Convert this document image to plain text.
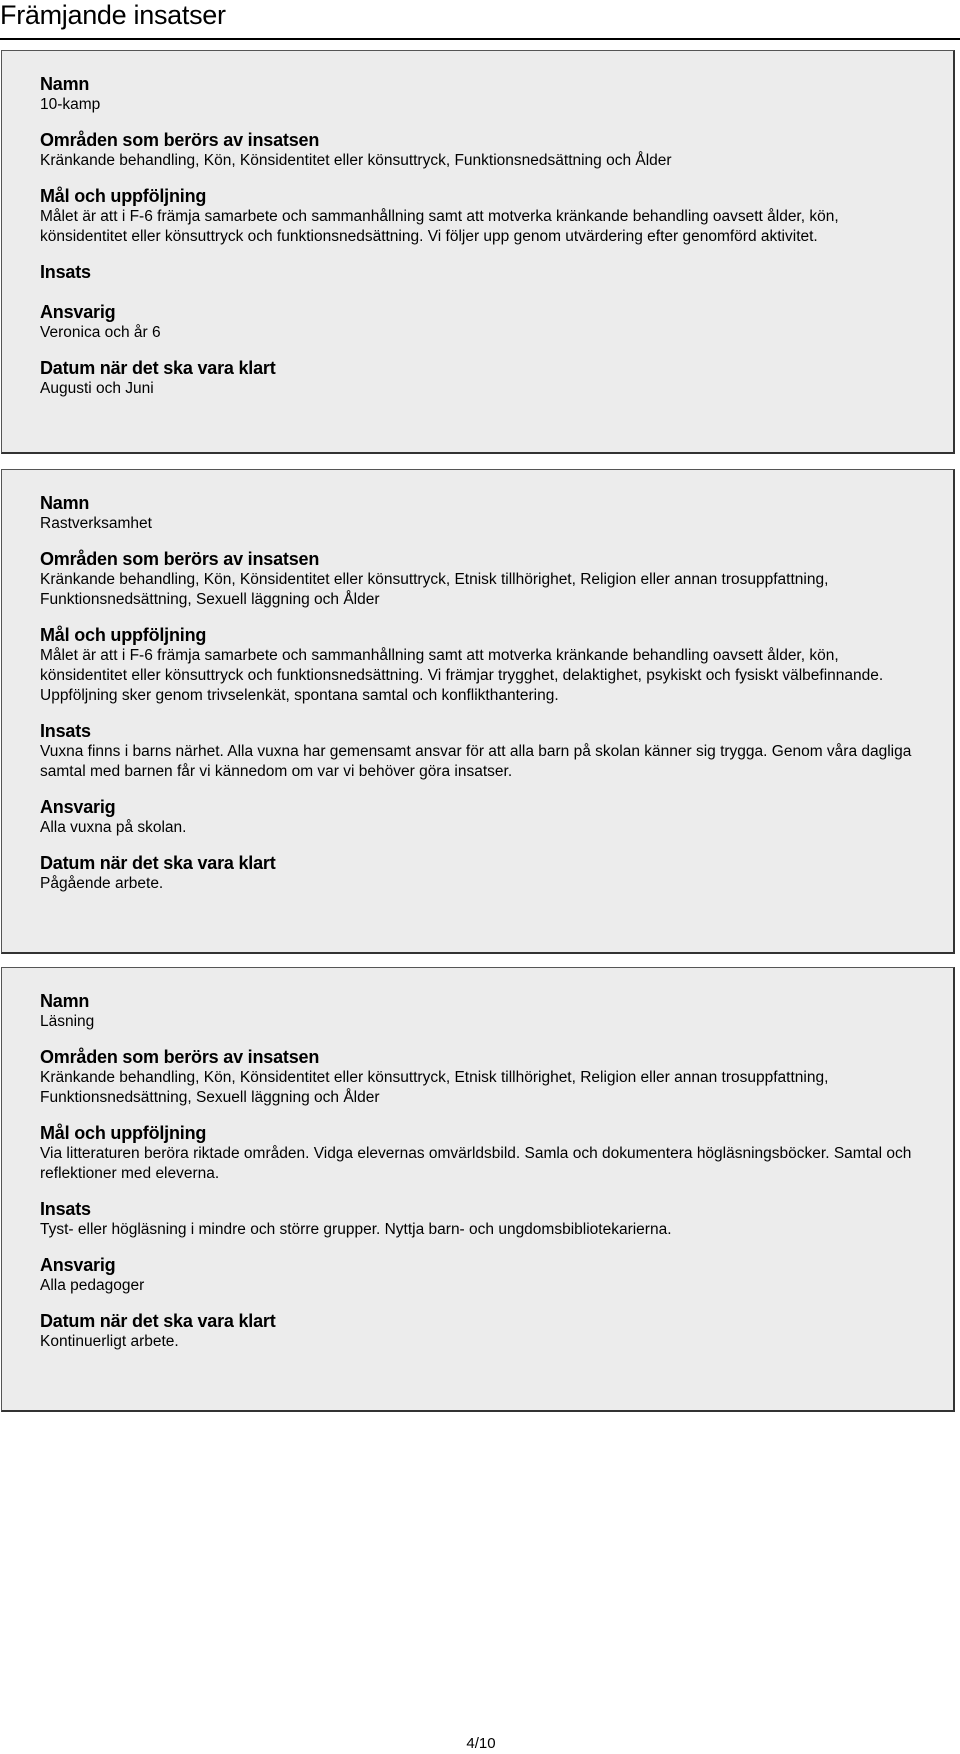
Främjande insatser
Namn
10-kamp
Områden som berörs av insatsen
Kränkande behandling, Kön, Könsidentitet eller könsuttryck, Funktionsnedsättning och Ålder
Mål och uppföljning
Målet är att i F-6 främja samarbete och sammanhållning samt att motverka kränkande behandling oavsett ålder, kön, könsidentitet eller könsuttryck och funktionsnedsättning. Vi följer upp genom utvärdering efter genomförd aktivitet.
Insats
Ansvarig
Veronica och år 6
Datum när det ska vara klart
Augusti och Juni
Namn
Rastverksamhet
Områden som berörs av insatsen
Kränkande behandling, Kön, Könsidentitet eller könsuttryck, Etnisk tillhörighet, Religion eller annan trosuppfattning, Funktionsnedsättning, Sexuell läggning och Ålder
Mål och uppföljning
Målet är att i F-6 främja samarbete och sammanhållning samt att motverka kränkande behandling oavsett ålder, kön, könsidentitet eller könsuttryck och funktionsnedsättning. Vi främjar trygghet, delaktighet, psykiskt och fysiskt välbefinnande. Uppföljning sker genom trivselenkät, spontana samtal och konflikthantering.
Insats
Vuxna finns i barns närhet. Alla vuxna har gemensamt ansvar för att alla barn på skolan känner sig trygga. Genom våra dagliga samtal med barnen får vi kännedom om var vi behöver göra insatser.
Ansvarig
Alla vuxna på skolan.
Datum när det ska vara klart
Pågående arbete.
Namn
Läsning
Områden som berörs av insatsen
Kränkande behandling, Kön, Könsidentitet eller könsuttryck, Etnisk tillhörighet, Religion eller annan trosuppfattning, Funktionsnedsättning, Sexuell läggning och Ålder
Mål och uppföljning
Via litteraturen beröra riktade områden. Vidga elevernas omvärldsbild. Samla och dokumentera högläsningsböcker. Samtal och reflektioner med eleverna.
Insats
Tyst- eller högläsning i mindre och större grupper. Nyttja barn- och ungdomsbibliotekarierna.
Ansvarig
Alla pedagoger
Datum när det ska vara klart
Kontinuerligt arbete.
4/10
